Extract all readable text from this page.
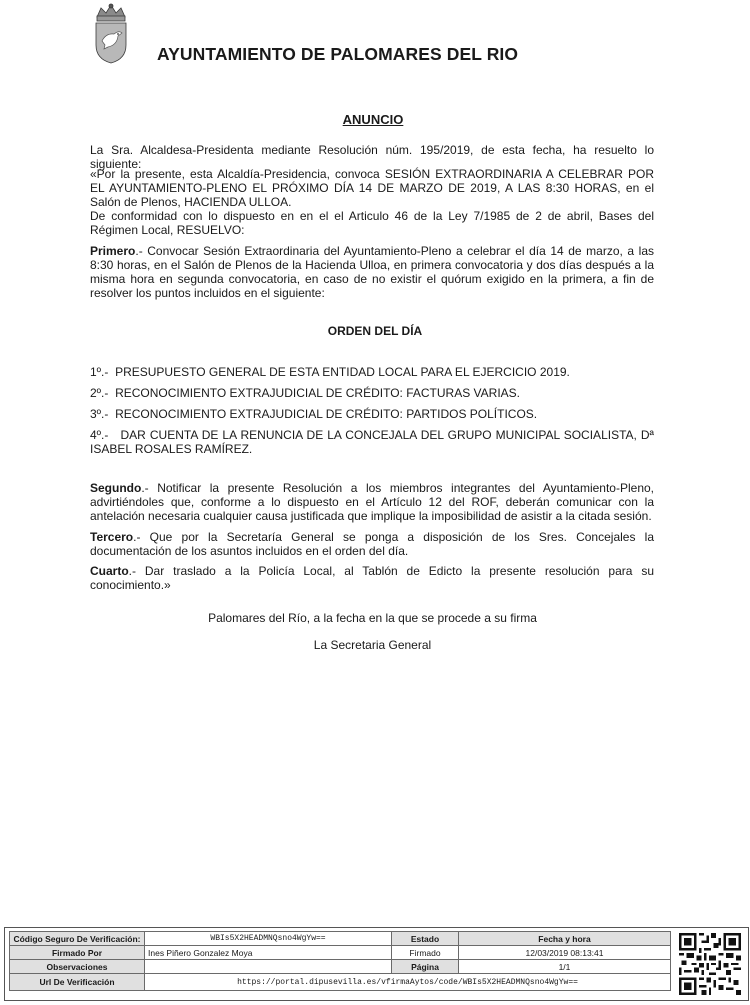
AYUNTAMIENTO DE PALOMARES DEL RIO
ANUNCIO

La Sra. Alcaldesa-Presidenta mediante Resolución núm. 195/2019, de esta fecha, ha resuelto lo siguiente:

«Por la presente, esta Alcaldía-Presidencia, convoca SESIÓN EXTRAORDINARIA A CELEBRAR POR EL AYUNTAMIENTO-PLENO EL PRÓXIMO DÍA 14 DE MARZO DE 2019, A LAS 8:30 HORAS, en el Salón de Plenos, HACIENDA ULLOA.

De conformidad con lo dispuesto en en el el Articulo 46 de la Ley 7/1985 de 2 de abril, Bases del Régimen Local, RESUELVO:

Primero.- Convocar Sesión Extraordinaria del Ayuntamiento-Pleno a celebrar el día 14 de marzo, a las 8:30 horas, en el Salón de Plenos de la Hacienda Ulloa, en primera convocatoria y dos días después a la misma hora en segunda convocatoria, en caso de no existir el quórum exigido en la primera, a fin de resolver los puntos incluidos en el siguiente:

ORDEN DEL DÍA
1º.- PRESUPUESTO GENERAL DE ESTA ENTIDAD LOCAL PARA EL EJERCICIO 2019.
2º.- RECONOCIMIENTO EXTRAJUDICIAL DE CRÉDITO: FACTURAS VARIAS.
3º.- RECONOCIMIENTO EXTRAJUDICIAL DE CRÉDITO: PARTIDOS POLÍTICOS.
4º.-   DAR CUENTA DE LA RENUNCIA DE LA CONCEJALA DEL GRUPO MUNICIPAL SOCIALISTA, Dª ISABEL ROSALES RAMÍREZ.

Segundo.- Notificar la presente Resolución a los miembros integrantes del Ayuntamiento-Pleno, advirtiéndoles que, conforme a lo dispuesto en el Artículo 12 del ROF, deberán comunicar con la antelación necesaria cualquier causa justificada que implique la imposibilidad de asistir a la citada sesión.

Tercero.- Que por la Secretaría General se ponga a disposición de los Sres. Concejales la documentación de los asuntos incluidos en el orden del día.

Cuarto.- Dar traslado a la Policía Local, al Tablón de Edicto la presente resolución para su conocimiento.»

Palomares del Río, a la fecha en la que se procede a su firma
La Secretaria General
Código Seguro De Verificación:	WBIs5X2HEADMNQsno4WgYw==	Estado	Fecha y hora
Firmado Por	Ines Piñero Gonzalez Moya	Firmado	12/03/2019 08:13:41
Observaciones		Página	1/1
Url De Verificación	https://portal.dipusevilla.es/vfirmaAytos/code/WBIs5X2HEADMNQsno4WgYw==		
